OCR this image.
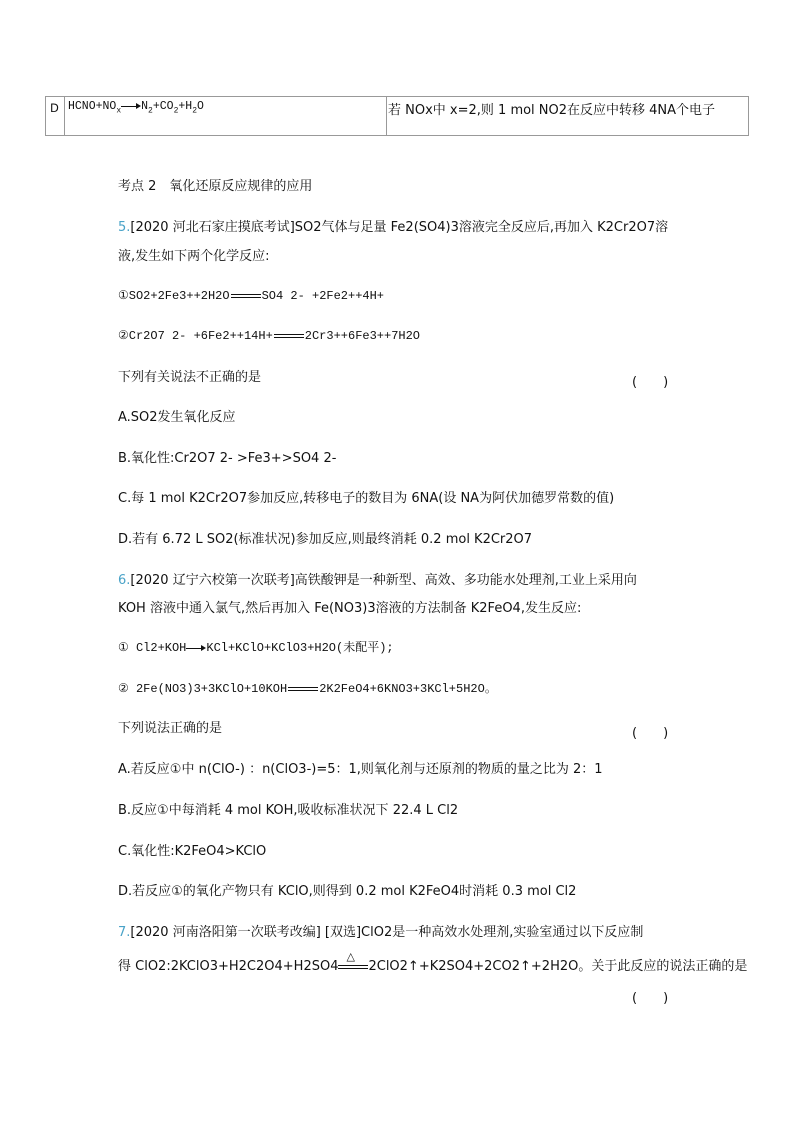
D $HCNO+NO_x$ $N_2+CO_2+H_2O$	若 NOx中 x=2,则 1 mol NO2在反应中转移 4NA个电子
考点 2　氧化还原反应规律的应用
5.[2020 河北石家庄摸底考试]SO2气体与足量 Fe2(SO4)3溶液完全反应后,再加入 K2Cr2O7溶
液,发生如下两个化学反应:
①SO2+2Fe3++2H2O	SO4 2- +2Fe2++4H+
②Cr2O7 2- +6Fe2++14H+	2Cr3++6Fe3++7H2O
下列有关说法不正确的是	(　　)
A.SO2发生氧化反应
B.氧化性:Cr2O7 2- >Fe3+>SO4 2-
C.每 1 mol K2Cr2O7参加反应,转移电子的数目为 6NA(设 NA为阿伏加德罗常数的值)
D.若有 6.72 L SO2(标准状况)参加反应,则最终消耗 0.2 mol K2Cr2O7
6.[2020 辽宁六校第一次联考]高铁酸钾是一种新型、高效、多功能水处理剂,工业上采用向
KOH 溶液中通入氯气,然后再加入 Fe(NO3)3溶液的方法制备 K2FeO4,发生反应:
① Cl2+KOH KCl+KClO+KClO3+H2O(未配平);
② 2Fe(NO3)3+3KClO+10KOH	2K2FeO4+6KNO3+3KCl+5H2O。
下列说法正确的是	(　　)
A.若反应①中 n(ClO-) ：n(ClO3-)=5：1,则氧化剂与还原剂的物质的量之比为 2：1
B.反应①中每消耗 4 mol KOH,吸收标准状况下 22.4 L Cl2
C.氧化性:K2FeO4>KClO
D.若反应①的氧化产物只有 KClO,则得到 0.2 mol K2FeO4时消耗 0.3 mol Cl2
7.[2020 河南洛阳第一次联考改编] [双选]ClO2是一种高效水处理剂,实验室通过以下反应制
得 ClO2:2KClO3+H2C2O4+H2SO4
△
2ClO2↑+K2SO4+2CO2↑+2H2O。关于此反应的说法正确的是
(　　)
